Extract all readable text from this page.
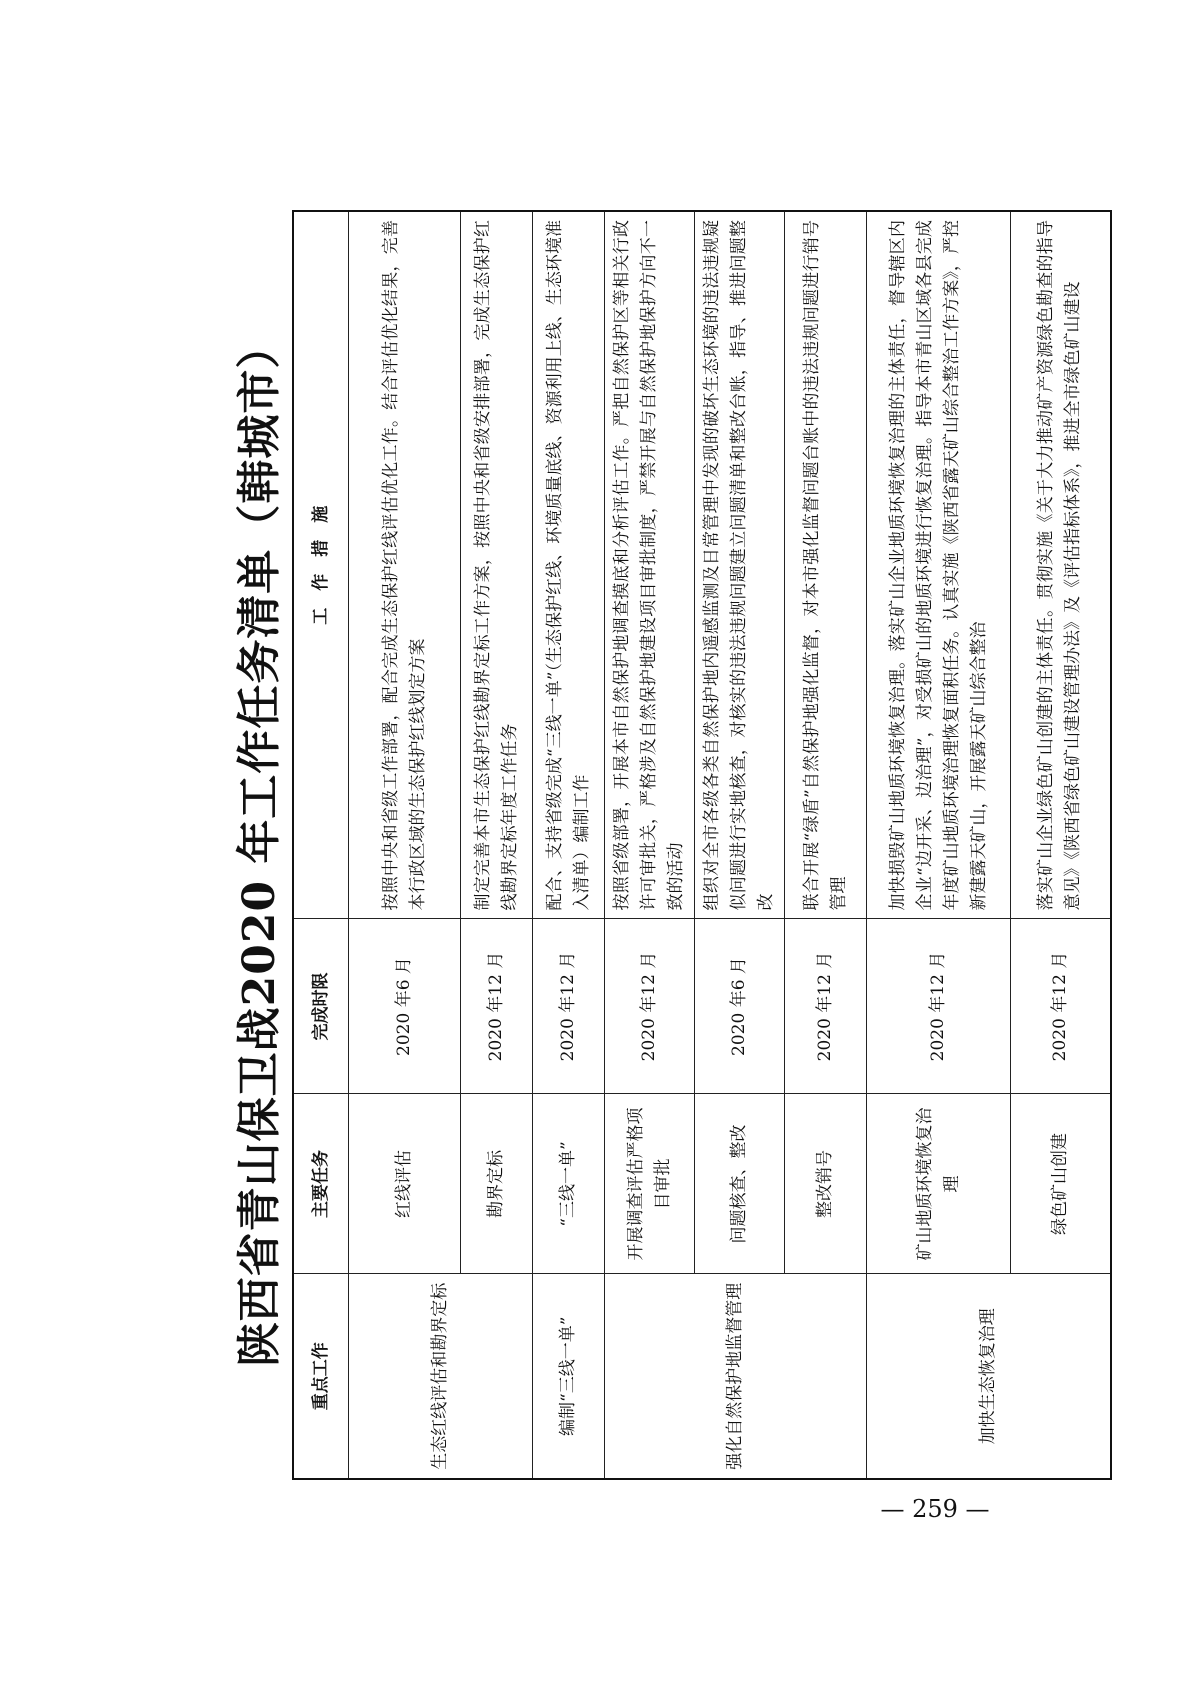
陕西省青山保卫战2020 年工作任务清单（韩城市）
重点工作	主要任务	完成时限	工　作　措　施
生态红线评估和勘界定标	红线评估	2020 年6 月	按照中央和省级工作部署，配合完成生态保护红线评估优化工作。结合评估优化结果，完善本行政区域的生态保护红线划定方案
	勘界定标	2020 年12 月	制定完善本市生态保护红线勘界定标工作方案，按照中央和省级安排部署，完成生态保护红线勘界定标年度工作任务
编制“三线一单”	“三线一单”	2020 年12 月	配合、支持省级完成“三线一单”（生态保护红线、环境质量底线、资源利用上线、生态环境准入清单）编制工作
强化自然保护地监督管理	开展调查评估严格项目审批	2020 年12 月	按照省级部署，开展本市自然保护地调查摸底和分析评估工作。严把自然保护区等相关行政许可审批关，严格涉及自然保护地建设项目审批制度，严禁开展与自然保护地保护方向不一致的活动
	问题核查、整改	2020 年6 月	组织对全市各级各类自然保护地内遥感监测及日常管理中发现的破坏生态环境的违法违规疑似问题进行实地核查，对核实的违法违规问题建立问题清单和整改台账，指导、推进问题整改
	整改销号	2020 年12 月	联合开展“绿盾”自然保护地强化监督，对本市强化监督问题台账中的违法违规问题进行销号管理
加快生态恢复治理	矿山地质环境恢复治理	2020 年12 月	加快损毁矿山地质环境恢复治理。落实矿山企业地质环境恢复治理的主体责任，督导辖区内企业“边开采、边治理”，对受损矿山的地质环境进行恢复治理。指导本市青山区域各县完成年度矿山地质环境治理恢复面积任务。认真实施《陕西省露天矿山综合整治工作方案》，严控新建露天矿山，开展露天矿山综合整治
	绿色矿山创建	2020 年12 月	落实矿山企业绿色矿山创建的主体责任。贯彻实施《关于大力推动矿产资源绿色勘查的指导意见》《陕西省绿色矿山建设管理办法》及《评估指标体系》，推进全市绿色矿山建设
— 259 —
